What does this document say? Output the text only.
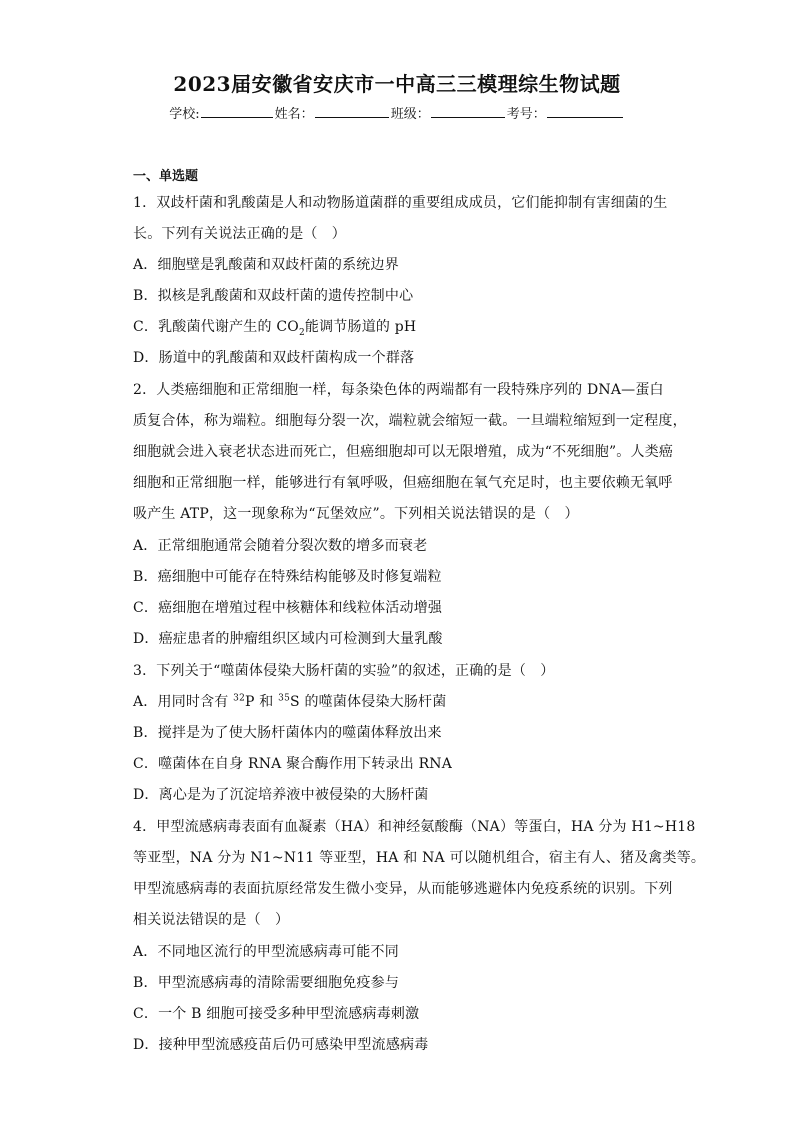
2023届安徽省安庆市一中高三三模理综生物试题
学校:	姓名：	班级：	考号：
一、单选题
1．双歧杆菌和乳酸菌是人和动物肠道菌群的重要组成成员，它们能抑制有害细菌的生
长。下列有关说法正确的是（　）
A．细胞壁是乳酸菌和双歧杆菌的系统边界
B．拟核是乳酸菌和双歧杆菌的遗传控制中心
C．乳酸菌代谢产生的 $CO_2$能调节肠道的 pH
D．肠道中的乳酸菌和双歧杆菌构成一个群落
2．人类癌细胞和正常细胞一样，每条染色体的两端都有一段特殊序列的 DNA—蛋白
质复合体，称为端粒。细胞每分裂一次，端粒就会缩短一截。一旦端粒缩短到一定程度，
细胞就会进入衰老状态进而死亡，但癌细胞却可以无限增殖，成为“不死细胞”。人类癌
细胞和正常细胞一样，能够进行有氧呼吸，但癌细胞在氧气充足时，也主要依赖无氧呼
吸产生 ATP，这一现象称为“瓦堡效应”。下列相关说法错误的是（　）
A．正常细胞通常会随着分裂次数的增多而衰老
B．癌细胞中可能存在特殊结构能够及时修复端粒
C．癌细胞在增殖过程中核糖体和线粒体活动增强
D．癌症患者的肿瘤组织区域内可检测到大量乳酸
3．下列关于“噬菌体侵染大肠杆菌的实验”的叙述，正确的是（　）
A．用同时含有 $^{32}$P 和 $^{35}$S 的噬菌体侵染大肠杆菌
B．搅拌是为了使大肠杆菌体内的噬菌体释放出来
C．噬菌体在自身 RNA 聚合酶作用下转录出 RNA
D．离心是为了沉淀培养液中被侵染的大肠杆菌
4．甲型流感病毒表面有血凝素（HA）和神经氨酸酶（NA）等蛋白，HA 分为 H1~H18
等亚型，NA 分为 N1~N11 等亚型，HA 和 NA 可以随机组合，宿主有人、猪及禽类等。
甲型流感病毒的表面抗原经常发生微小变异，从而能够逃避体内免疫系统的识别。下列
相关说法错误的是（　）
A．不同地区流行的甲型流感病毒可能不同
B．甲型流感病毒的清除需要细胞免疫参与
C．一个 B 细胞可接受多种甲型流感病毒刺激
D．接种甲型流感疫苗后仍可感染甲型流感病毒
